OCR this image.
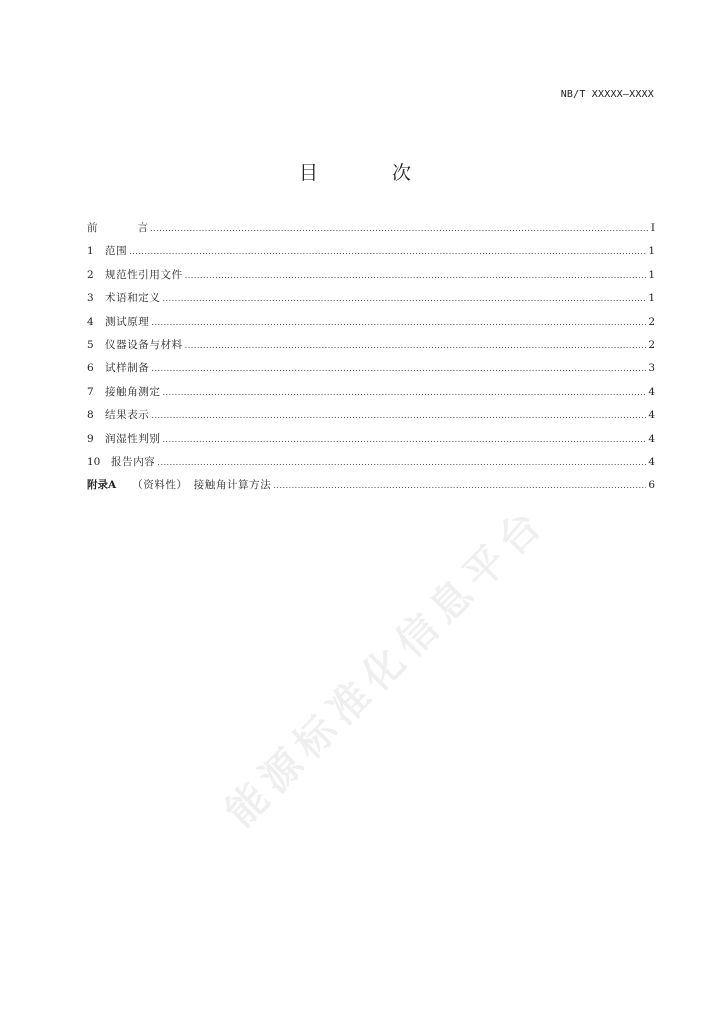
NB/T XXXXX—XXXX
目 次
前	言 .....	I
1	范围 .....	1
2	规范性引用文件 .....	1
3	术语和定义 .....	1
4	测试原理 .....	2
5	仪器设备与材料 .....	2
6	试样制备 .....	3
7	接触角测定 .....	4
8	结果表示 .....	4
9	润湿性判别 .....	4
10	报告内容 .....	4
附录A （资料性） 接触角计算方法 .....	6
能源标准化信息平台
